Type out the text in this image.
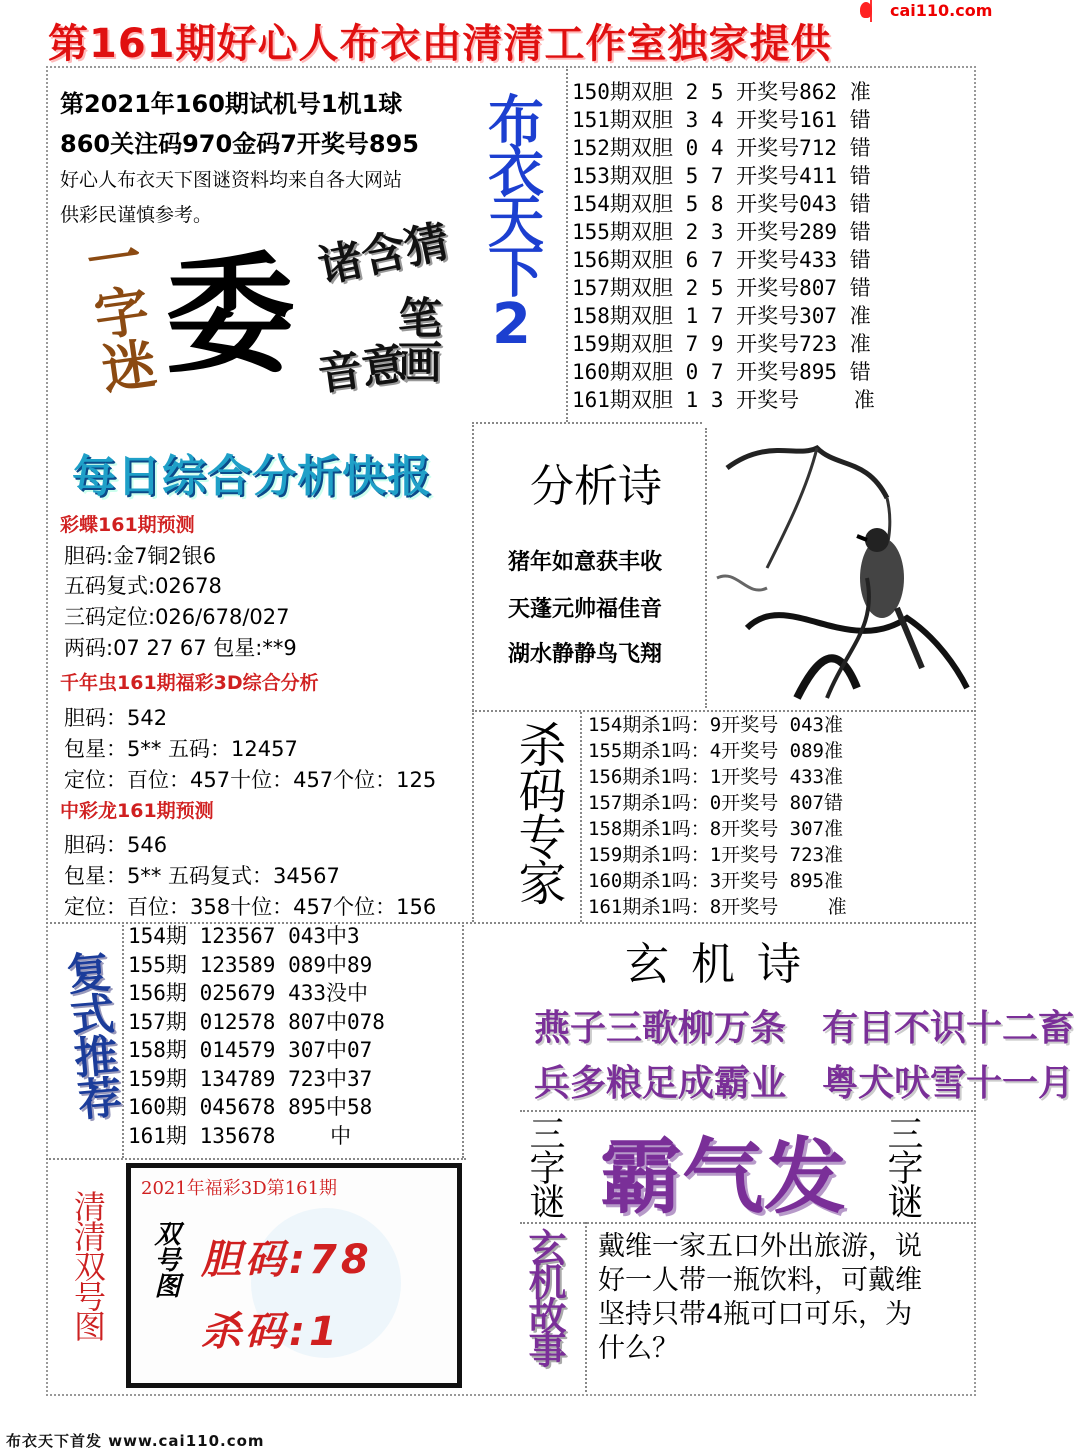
第161期好心人布衣由清清工作室独家提供
cai110.com
第2021年160期试机号1机1球
860关注码970金码7开奖号895
好心人布衣天下图谜资料均来自各大网站
供彩民谨慎参考。	布衣天下2 150期双胆 2 5 开奖号862 准
151期双胆 3 4 开奖号161 错
152期双胆 0 4 开奖号712 错
153期双胆 5 7 开奖号411 错
154期双胆 5 8 开奖号043 错
155期双胆 2 3 开奖号289 错
156期双胆 6 7 开奖号433 错
157期双胆 2 5 开奖号807 错
158期双胆 1 7 开奖号307 准
159期双胆 7 9 开奖号723 准
160期双胆 0 7 开奖号895 错
161期双胆 1 3 开奖号　　 准
一字迷 委 诸含猜
笔画
音意
每日综合分析快报
彩蝶161期预测
胆码:金7铜2银6
五码复式:02678
三码定位:026/678/027
两码:07 27 67 包星:**9
千年虫161期福彩3D综合分析
胆码：542
包星：5** 五码：12457
定位：百位：457十位：457个位：125
中彩龙161期预测
胆码：546
包星：5** 五码复式：34567
定位：百位：358十位：457个位：156
分析诗
猪年如意获丰收
天蓬元帅福佳音
湖水静静鸟飞翔
杀码专家 154期杀1吗：9开奖号 043准
155期杀1吗：4开奖号 089准
156期杀1吗：1开奖号 433准
157期杀1吗：0开奖号 807错
158期杀1吗：8开奖号 307准
159期杀1吗：1开奖号 723准
160期杀1吗：3开奖号 895准
161期杀1吗：8开奖号 　　准
复式推荐
154期 123567 043中3
155期 123589 089中89
156期 025679 433没中
157期 012578 807中078
158期 014579 307中07
159期 134789 723中37
160期 045678 895中58
161期 135678 　　中
玄 机 诗
燕子三歌柳万条　有目不识十二畜
兵多粮足成霸业　粤犬吠雪十一月
三字谜 霸气发 三字谜
清清双号图
2021年福彩3D第161期
双号图 胆码:78
杀码:1	玄机故事 戴维一家五口外出旅游，说好一人带一瓶饮料，可戴维坚持只带4瓶可口可乐，为什么？
布衣天下首发 www.cai110.com
